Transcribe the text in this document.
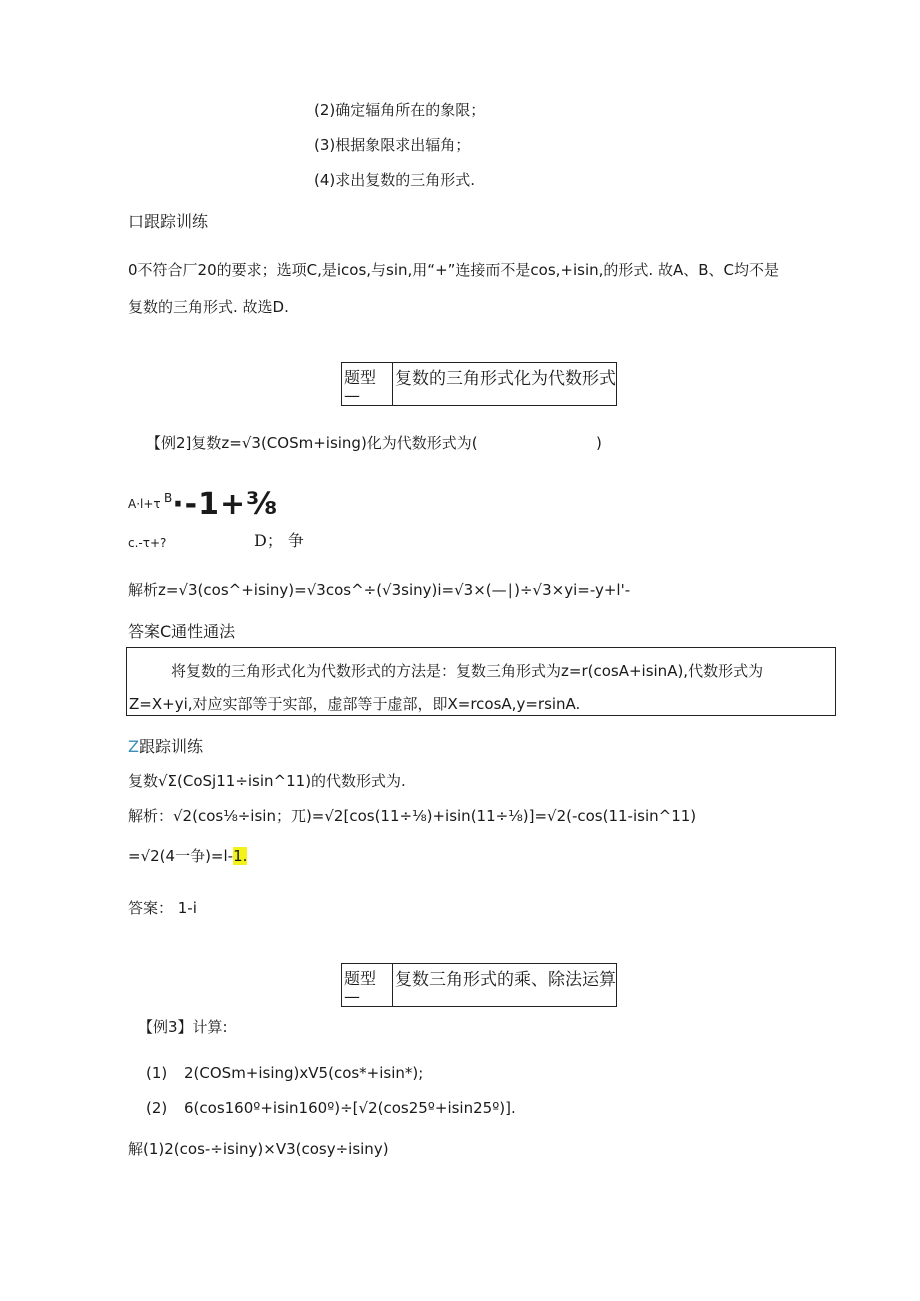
(2)确定辐角所在的象限；
(3)根据象限求出辐角；
(4)求出复数的三角形式.
口跟踪训练
0不符合厂20的要求；选项C,是icos,与sin,用“+”连接而不是cos,+isin,的形式. 故A、B、C均不是
复数的三角形式. 故选D.
题型
—
复数的三角形式化为代数形式
【例2]复数z=√3(COSm+ising)化为代数形式为(	)
A·l+τ $^B$·-1+⅜
c.-τ+?	D； 争
解析z=√3(cos^+isiny)=√3cos^÷(√3siny)i=√3×(—∣)÷√3×yi=-y+l'-
答案C通性通法
将复数的三角形式化为代数形式的方法是：复数三角形式为z=r(cosA+isinA),代数形式为
Z=X+yi,对应实部等于实部，虚部等于虚部，即X=rcosA,y=rsinA.
Z跟踪训练
复数√Σ(CoSj11÷isin^11)的代数形式为.
解析：√2(cos⅛÷isin；兀)=√2[cos(11÷⅛)+isin(11÷⅛)]=√2(-cos(11-isin^11)
=√2(4一争)=l-1.
答案： 1-i
题型
—
复数三角形式的乘、除法运算
【例3】计算:
(1) 2(COSm+ising)xV5(cos*+isin*);
(2) 6(cos160º+isin160º)÷[√2(cos25º+isin25º)].
解(1)2(cos-÷isiny)×V3(cosy÷isiny)
